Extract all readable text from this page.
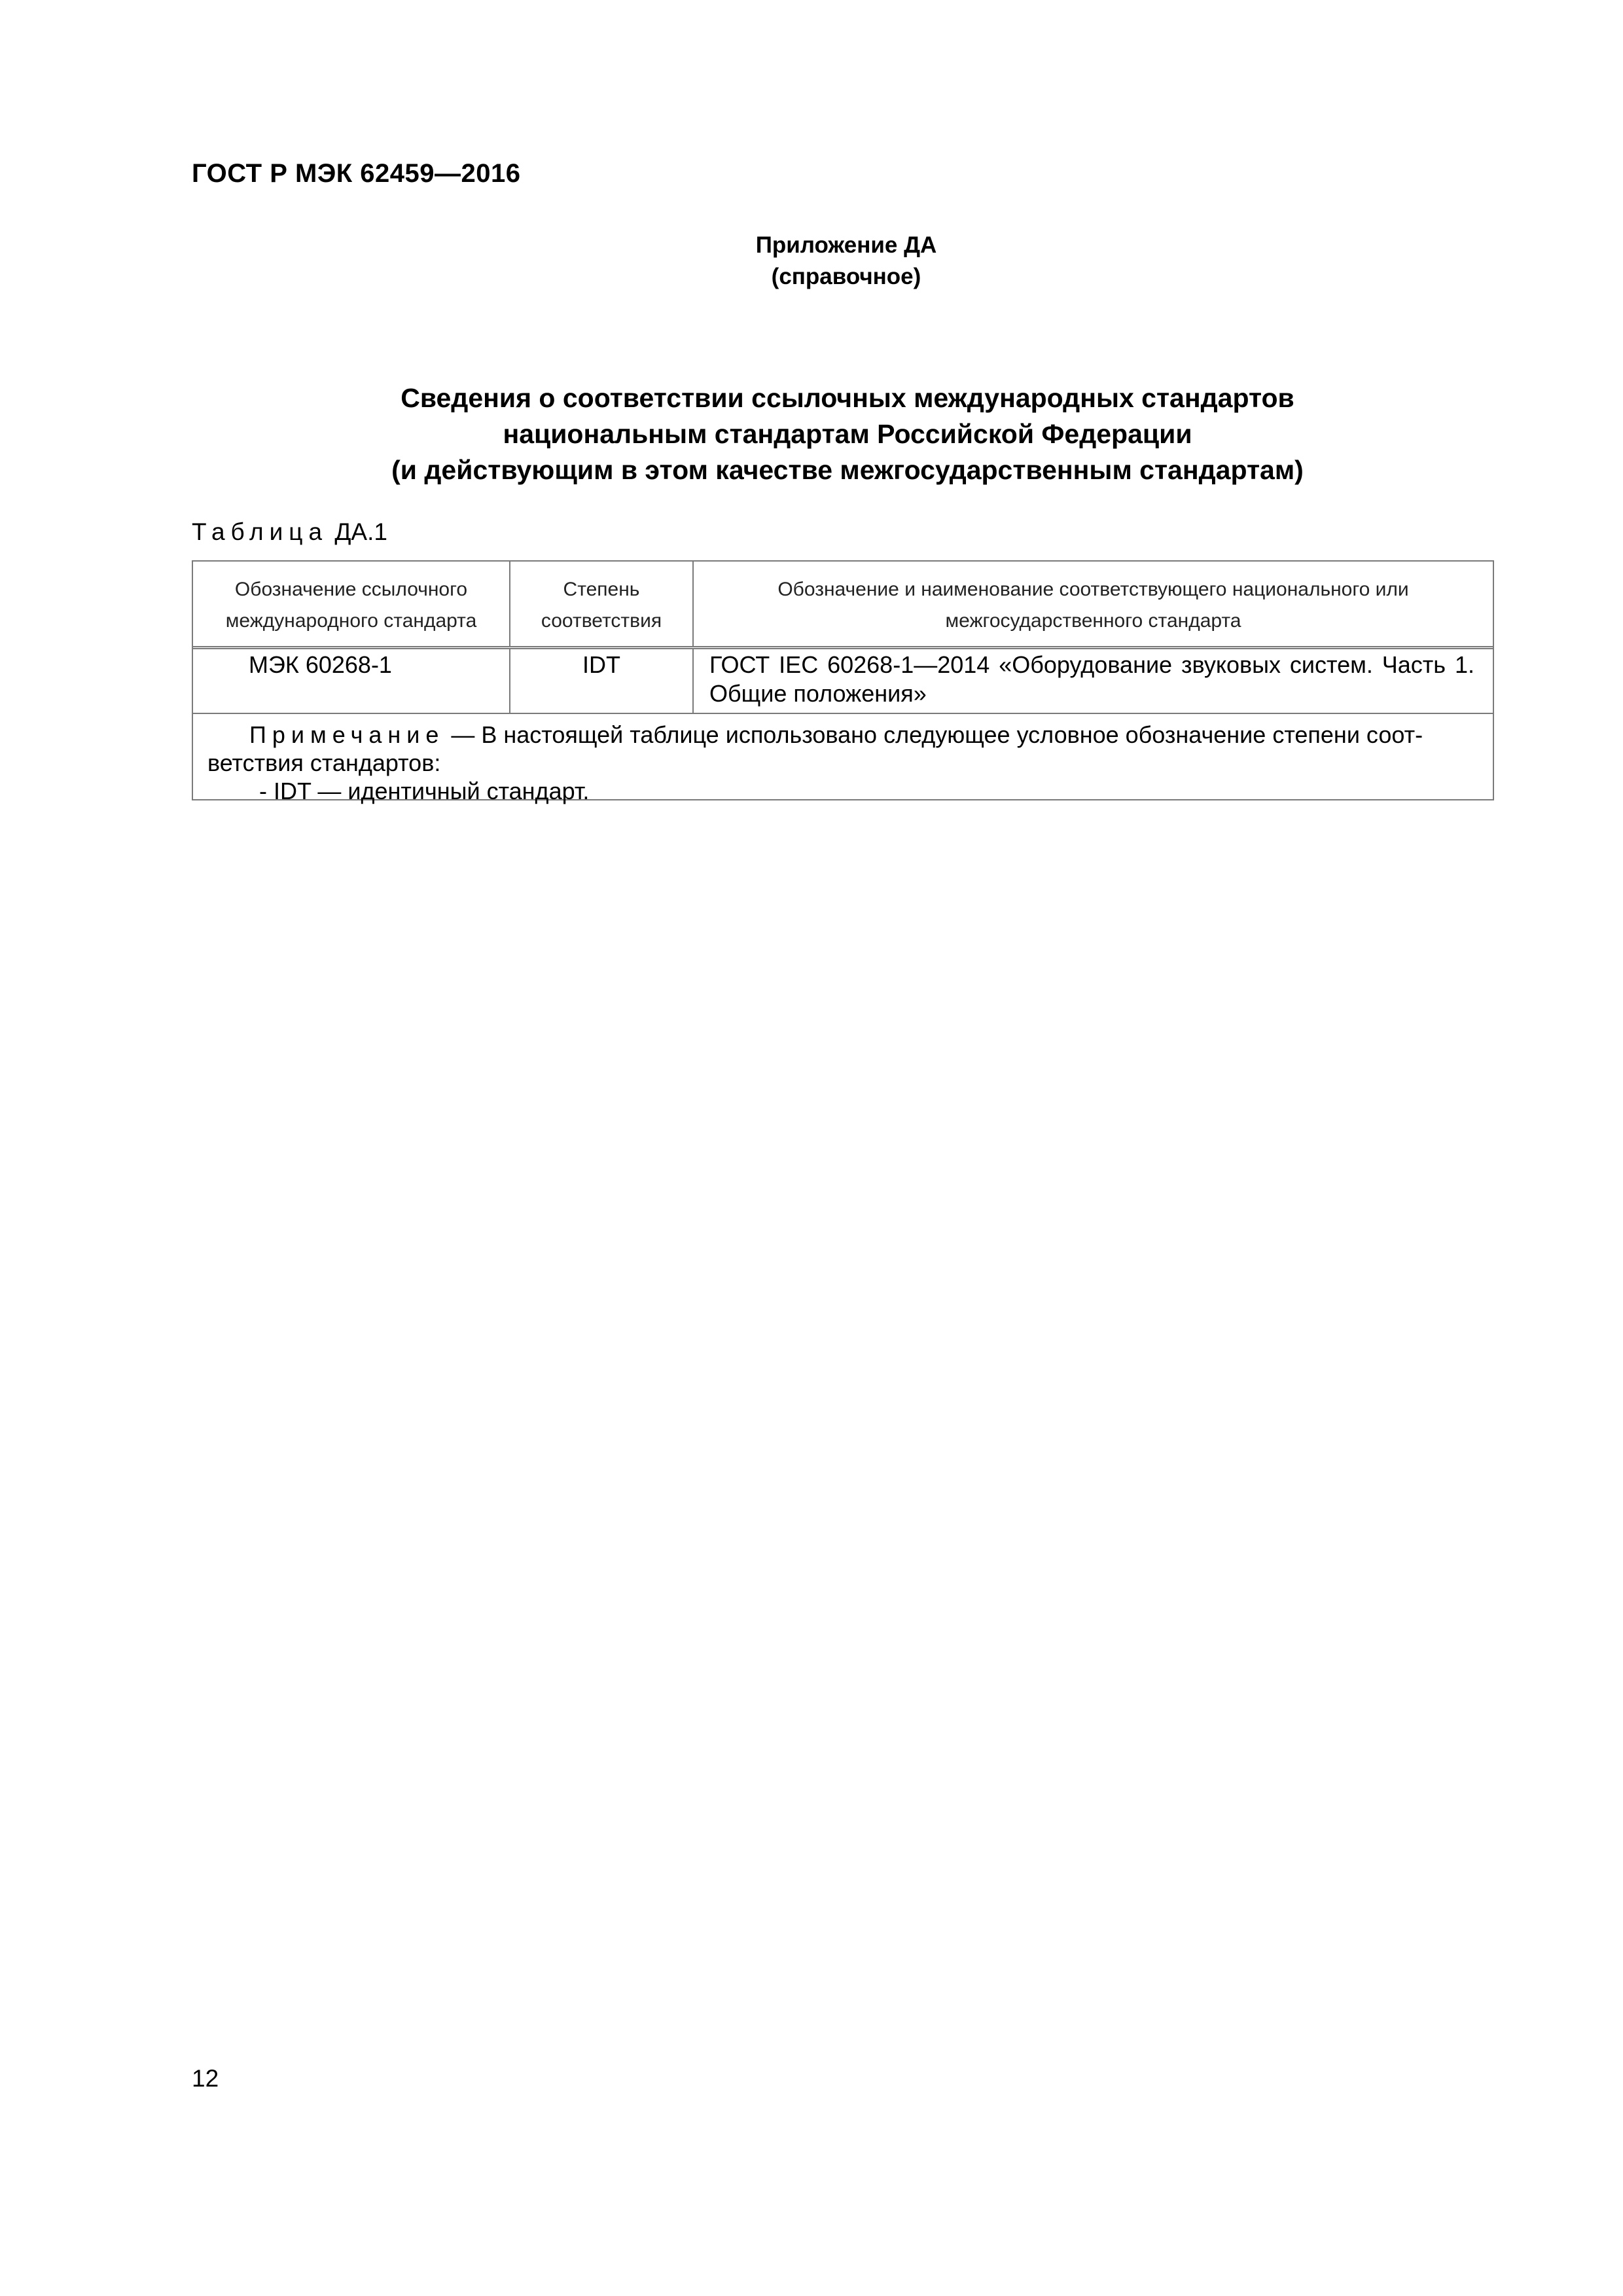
ГОСТ Р МЭК 62459—2016
Приложение ДА
(справочное)
Сведения о соответствии ссылочных международных стандартов
национальным стандартам Российской Федерации
(и действующим в этом качестве межгосударственным стандартам)
Таблица ДА.1
Обозначение ссылочного
международного стандарта
Степень
соответствия
Обозначение и наименование соответствующего национального или
межгосударственного стандарта
МЭК 60268-1	IDT	ГОСТ IEC 60268-1—2014 «Оборудование звуковых систем. Часть 1. Общие положения»
Примечание — В настоящей таблице использовано следующее условное обозначение степени соот-
ветствия стандартов:
- IDT — идентичный стандарт.
12
